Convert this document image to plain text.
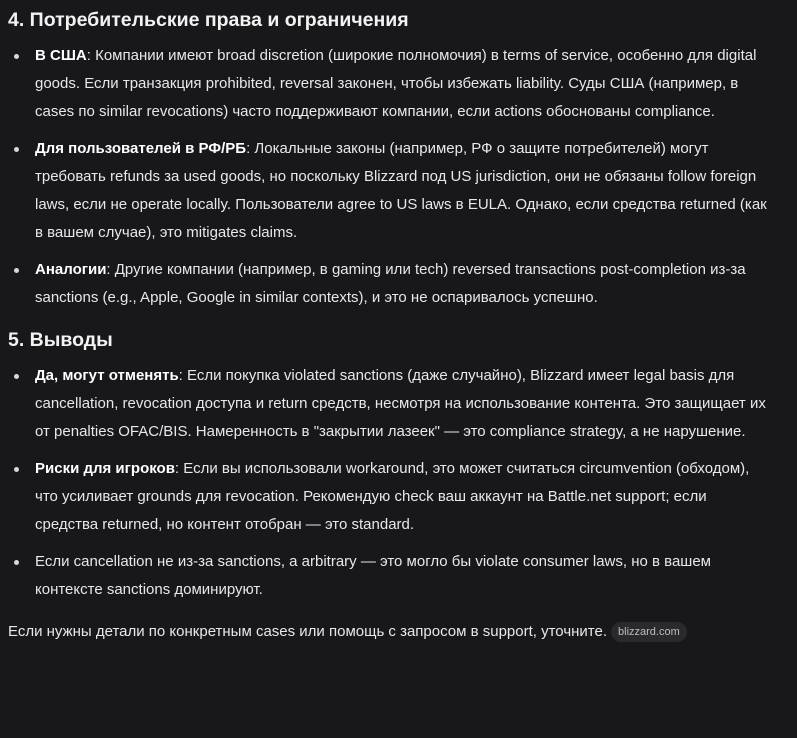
4. Потребительские права и ограничения
В США: Компании имеют broad discretion (широкие полномочия) в terms of service, особенно для digital goods. Если транзакция prohibited, reversal законен, чтобы избежать liability. Суды США (например, в cases по similar revocations) часто поддерживают компании, если actions обоснованы compliance.
Для пользователей в РФ/РБ: Локальные законы (например, РФ о защите потребителей) могут требовать refunds за used goods, но поскольку Blizzard под US jurisdiction, они не обязаны follow foreign laws, если не operate locally. Пользователи agree to US laws в EULA. Однако, если средства returned (как в вашем случае), это mitigates claims.
Аналогии: Другие компании (например, в gaming или tech) reversed transactions post-completion из-за sanctions (e.g., Apple, Google in similar contexts), и это не оспаривалось успешно.
5. Выводы
Да, могут отменять: Если покупка violated sanctions (даже случайно), Blizzard имеет legal basis для cancellation, revocation доступа и return средств, несмотря на использование контента. Это защищает их от penalties OFAC/BIS. Намеренность в "закрытии лазеек" — это compliance strategy, а не нарушение.
Риски для игроков: Если вы использовали workaround, это может считаться circumvention (обходом), что усиливает grounds для revocation. Рекомендую check ваш аккаунт на Battle.net support; если средства returned, но контент отобран — это standard.
Если cancellation не из-за sanctions, а arbitrary — это могло бы violate consumer laws, но в вашем контексте sanctions доминируют.

Если нужны детали по конкретным cases или помощь с запросом в support, уточните. blizzard.com
